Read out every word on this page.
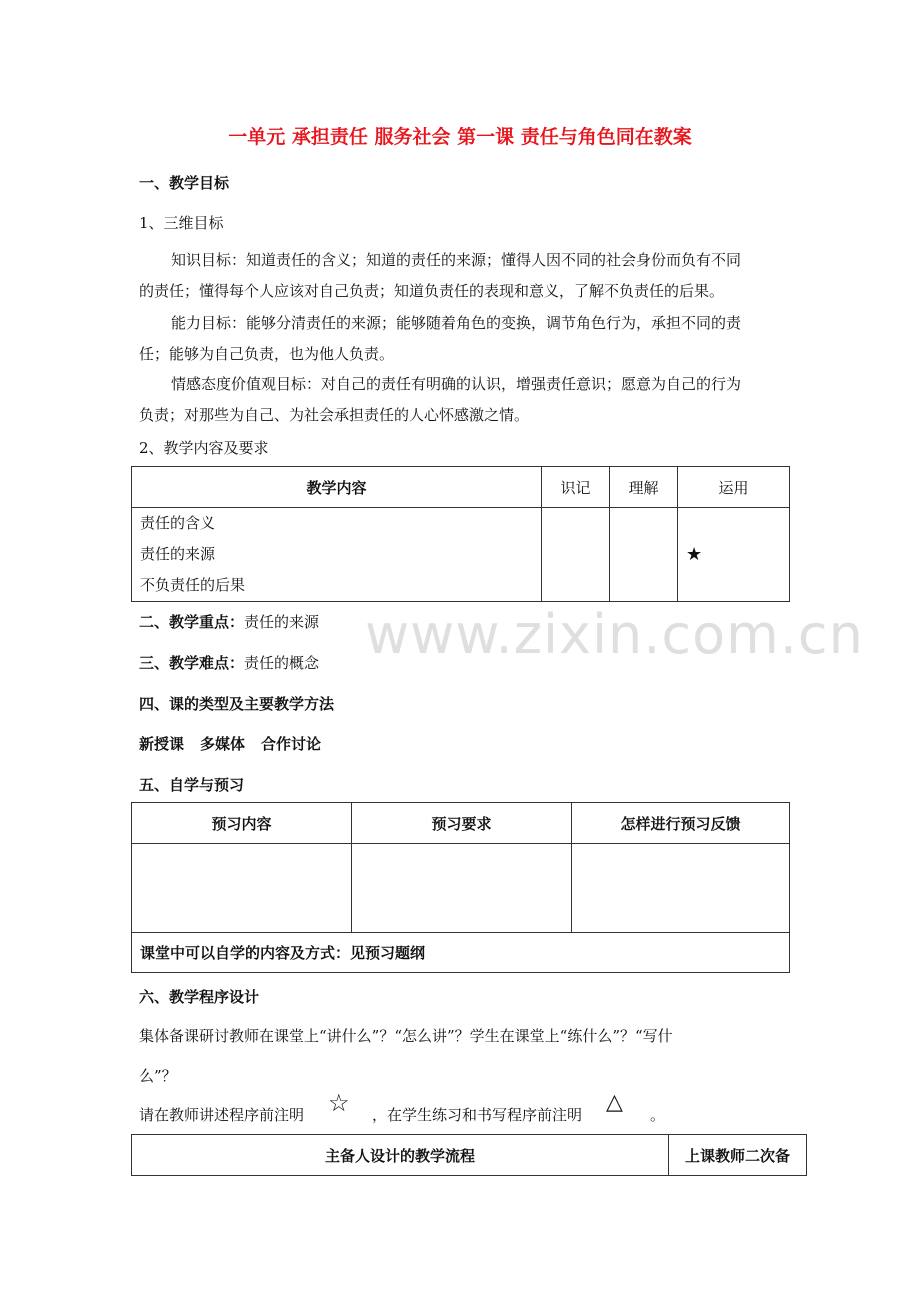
一单元 承担责任 服务社会 第一课 责任与角色同在教案
一、教学目标
1、三维目标
知识目标：知道责任的含义；知道的责任的来源；懂得人因不同的社会身份而负有不同
的责任；懂得每个人应该对自己负责；知道负责任的表现和意义，了解不负责任的后果。
能力目标：能够分清责任的来源；能够随着角色的变换，调节角色行为，承担不同的责
任；能够为自己负责，也为他人负责。
情感态度价值观目标：对自己的责任有明确的认识，增强责任意识；愿意为自己的行为
负责；对那些为自己、为社会承担责任的人心怀感激之情。
2、教学内容及要求
教学内容	识记	理解	运用

责任的含义
责任的来源
不负责任的后果			★
二、教学重点：责任的来源
三、教学难点：责任的概念
四、课的类型及主要教学方法
新授课 多媒体 合作讨论
五、自学与预习
预习内容	预习要求	怎样进行预习反馈

课堂中可以自学的内容及方式：见预习题纲		
六、教学程序设计
集体备课研讨教师在课堂上“讲什么”？“怎么讲”？学生在课堂上“练什么”？“写什
么”？
请在教师讲述程序前注明 ☆ ，在学生练习和书写程序前注明 △ 。
主备人设计的教学流程	上课教师二次备
www.zixin.com.cn
